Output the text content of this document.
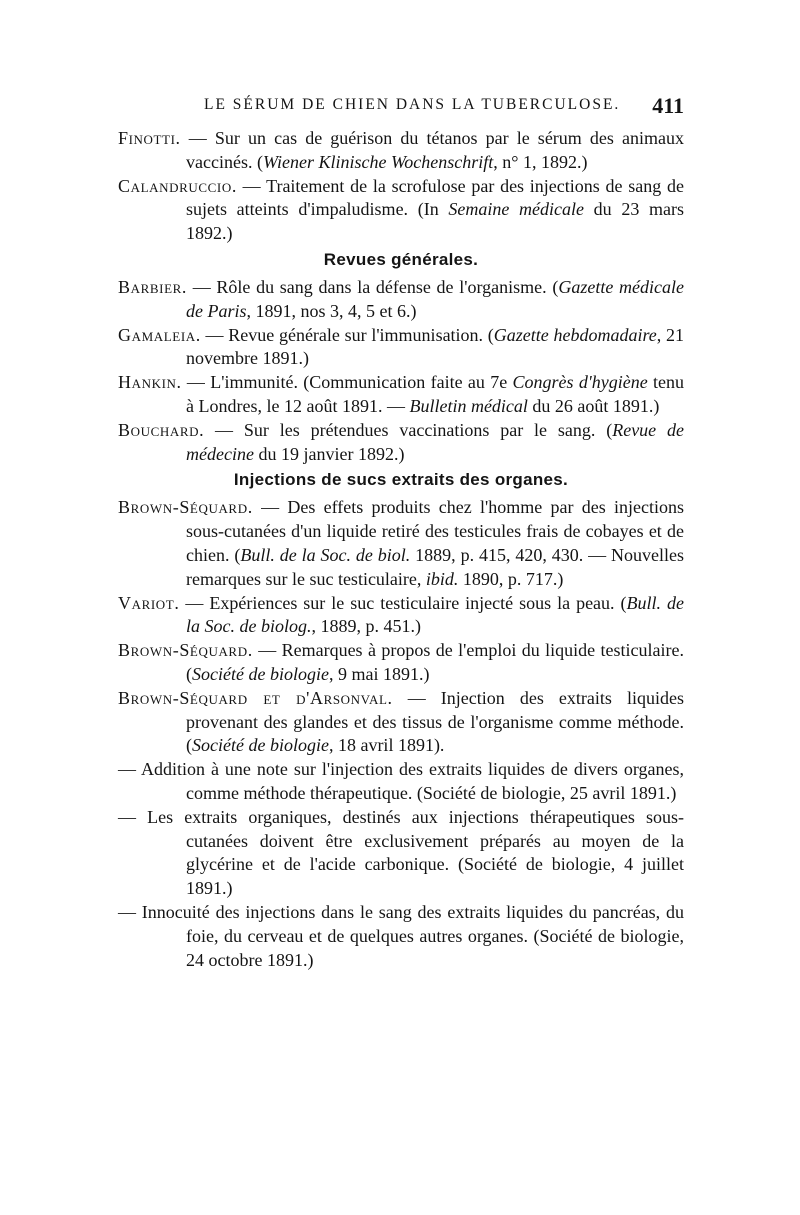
LE SÉRUM DE CHIEN DANS LA TUBERCULOSE. 411

Finotti. — Sur un cas de guérison du tétanos par le sérum des animaux vaccinés. (Wiener Klinische Wochenschrift, n° 1, 1892.)

Calandruccio. — Traitement de la scrofulose par des injections de sang de sujets atteints d'impaludisme. (In Semaine médicale du 23 mars 1892.)

Revues générales.

Barbier. — Rôle du sang dans la défense de l'organisme. (Gazette médicale de Paris, 1891, nos 3, 4, 5 et 6.)

Gamaleia. — Revue générale sur l'immunisation. (Gazette hebdomadaire, 21 novembre 1891.)

Hankin. — L'immunité. (Communication faite au 7e Congrès d'hygiène tenu à Londres, le 12 août 1891. — Bulletin médical du 26 août 1891.)

Bouchard. — Sur les prétendues vaccinations par le sang. (Revue de médecine du 19 janvier 1892.)

Injections de sucs extraits des organes.

Brown-Séquard. — Des effets produits chez l'homme par des injections sous-cutanées d'un liquide retiré des testicules frais de cobayes et de chien. (Bull. de la Soc. de biol. 1889, p. 415, 420, 430. — Nouvelles remarques sur le suc testiculaire, ibid. 1890, p. 717.)

Variot. — Expériences sur le suc testiculaire injecté sous la peau. (Bull. de la Soc. de biolog., 1889, p. 451.)

Brown-Séquard. — Remarques à propos de l'emploi du liquide testiculaire. (Société de biologie, 9 mai 1891.)

Brown-Séquard et d'Arsonval. — Injection des extraits liquides provenant des glandes et des tissus de l'organisme comme méthode. (Société de biologie, 18 avril 1891).

— Addition à une note sur l'injection des extraits liquides de divers organes, comme méthode thérapeutique. (Société de biologie, 25 avril 1891.)

— Les extraits organiques, destinés aux injections thérapeutiques sous-cutanées doivent être exclusivement préparés au moyen de la glycérine et de l'acide carbonique. (Société de biologie, 4 juillet 1891.)

— Innocuité des injections dans le sang des extraits liquides du pancréas, du foie, du cerveau et de quelques autres organes. (Société de biologie, 24 octobre 1891.)
